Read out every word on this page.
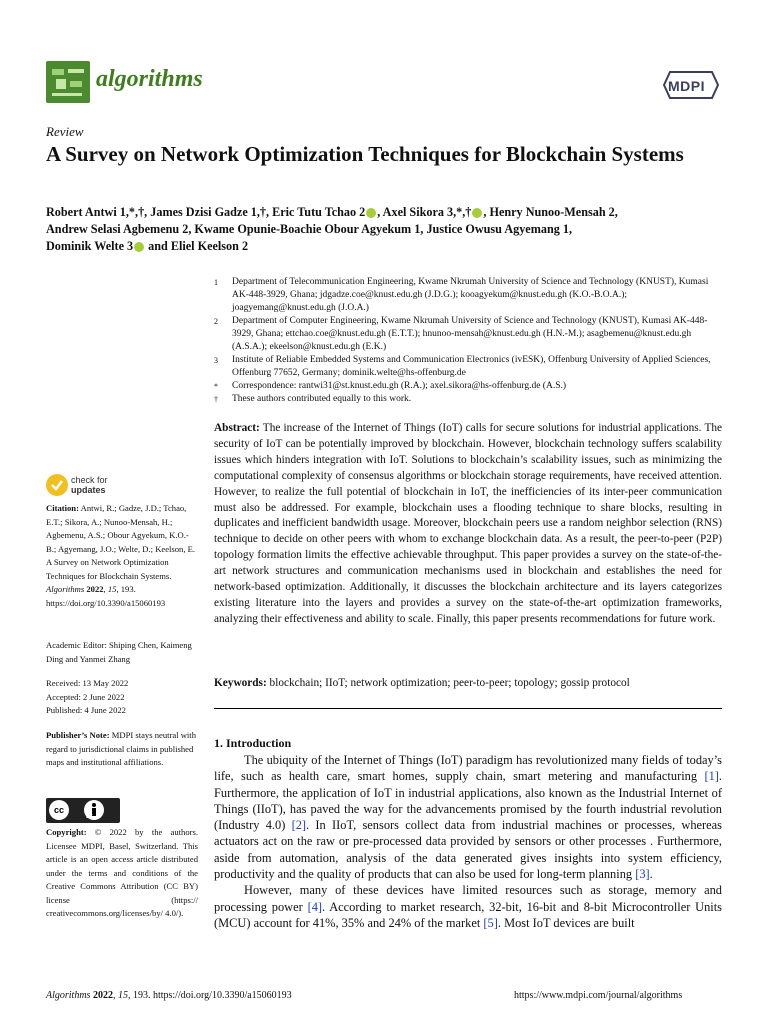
algorithms	MDPI
Review
A Survey on Network Optimization Techniques for Blockchain Systems
Robert Antwi 1,*,†, James Dzisi Gadze 1,†, Eric Tutu Tchao 2 , Axel Sikora 3,*,† , Henry Nunoo-Mensah 2,
Andrew Selasi Agbemenu 2, Kwame Opunie-Boachie Obour Agyekum 1, Justice Owusu Agyemang 1,
Dominik Welte 3 and Eliel Keelson 2
1 Department of Telecommunication Engineering, Kwame Nkrumah University of Science and Technology (KNUST), Kumasi AK-448-3929, Ghana; jdgadze.coe@knust.edu.gh (J.D.G.); kooagyekum@knust.edu.gh (K.O.-B.O.A.); joagyemang@knust.edu.gh (J.O.A.)
2 Department of Computer Engineering, Kwame Nkrumah University of Science and Technology (KNUST), Kumasi AK-448-3929, Ghana; ettchao.coe@knust.edu.gh (E.T.T.); hnunoo-mensah@knust.edu.gh (H.N.-M.); asagbemenu@knust.edu.gh (A.S.A.); ekeelson@knust.edu.gh (E.K.)
3 Institute of Reliable Embedded Systems and Communication Electronics (ivESK), Offenburg University of Applied Sciences, Offenburg 77652, Germany; dominik.welte@hs-offenburg.de
* Correspondence: rantwi31@st.knust.edu.gh (R.A.); axel.sikora@hs-offenburg.de (A.S.)
† These authors contributed equally to this work.
Abstract: The increase of the Internet of Things (IoT) calls for secure solutions for industrial applications. The security of IoT can be potentially improved by blockchain. However, blockchain technology suffers scalability issues which hinders integration with IoT. Solutions to blockchain’s scalability issues, such as minimizing the computational complexity of consensus algorithms or blockchain storage requirements, have received attention. However, to realize the full potential of blockchain in IoT, the inefficiencies of its inter-peer communication must also be addressed. For example, blockchain uses a flooding technique to share blocks, resulting in duplicates and inefficient bandwidth usage. Moreover, blockchain peers use a random neighbor selection (RNS) technique to decide on other peers with whom to exchange blockchain data. As a result, the peer-to-peer (P2P) topology formation limits the effective achievable throughput. This paper provides a survey on the state-of-the-art network structures and communication mechanisms used in blockchain and establishes the need for network-based optimization. Additionally, it discusses the blockchain architecture and its layers categorizes existing literature into the layers and provides a survey on the state-of-the-art optimization frameworks, analyzing their effectiveness and ability to scale. Finally, this paper presents recommendations for future work.
Keywords: blockchain; IIoT; network optimization; peer-to-peer; topology; gossip protocol
1. Introduction

The ubiquity of the Internet of Things (IoT) paradigm has revolutionized many fields of today’s life, such as health care, smart homes, supply chain, smart metering and manufacturing [1]. Furthermore, the application of IoT in industrial applications, also known as the Industrial Internet of Things (IIoT), has paved the way for the advancements promised by the fourth industrial revolution (Industry 4.0) [2]. In IIoT, sensors collect data from industrial machines or processes, whereas actuators act on the raw or pre-processed data provided by sensors or other processes . Furthermore, aside from automation, analysis of the data generated gives insights into system efficiency, productivity and the quality of products that can also be used for long-term planning [3].

However, many of these devices have limited resources such as storage, memory and processing power [4]. According to market research, 32-bit, 16-bit and 8-bit Microcontroller Units (MCU) account for 41%, 35% and 24% of the market [5]. Most IoT devices are built

check for
updates
Citation: Antwi, R.; Gadze, J.D.; Tchao, E.T.; Sikora, A.; Nunoo-Mensah, H.; Agbemenu, A.S.; Obour Agyekum, K.O.-B.; Agyemang, J.O.; Welte, D.; Keelson, E. A Survey on Network Optimization Techniques for Blockchain Systems. Algorithms 2022, 15, 193. https://doi.org/10.3390/a15060193
Academic Editor: Shiping Chen, Kaimeng Ding and Yanmei Zhang
Received: 13 May 2022
Accepted: 2 June 2022
Published: 4 June 2022
Publisher’s Note: MDPI stays neutral with regard to jurisdictional claims in published maps and institutional affiliations.
cc
BY
Copyright: © 2022 by the authors. Licensee MDPI, Basel, Switzerland. This article is an open access article distributed under the terms and conditions of the Creative Commons Attribution (CC BY) license (https:// creativecommons.org/licenses/by/ 4.0/).
Algorithms 2022, 15, 193. https://doi.org/10.3390/a15060193	https://www.mdpi.com/journal/algorithms
